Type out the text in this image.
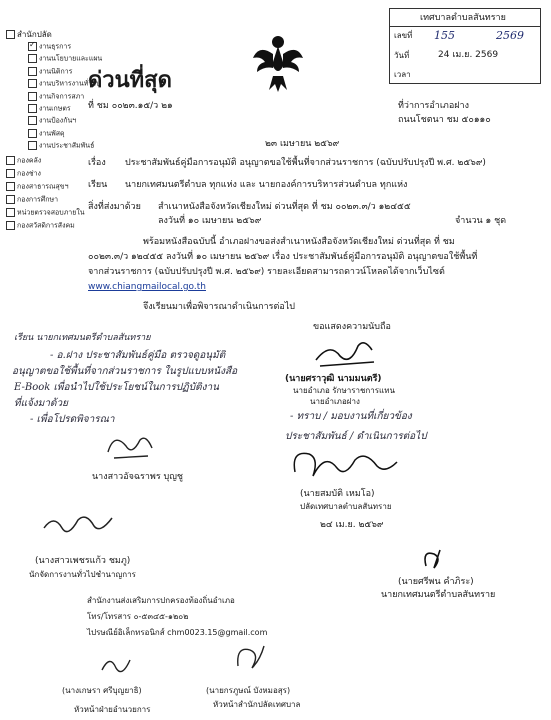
เทศบาลตำบลสันทราย
เลขที่ 155	2569
วันที่	24 เม.ย. 2569
เวลา
สำนักปลัด
✓งานธุรการ
งานนโยบายและแผน
งานนิติการ
งานบริหารงานทั่วไป
งานกิจการสภา
งานเกษตร
งานป้องกันฯ
งานพัสดุ
งานประชาสัมพันธ์
กองคลัง
กองช่าง
กองสาธารณสุขฯ
กองการศึกษา
หน่วยตรวจสอบภายใน
กองสวัสดิการสังคม
ด่วนที่สุด
ที่ ชม ๐๐๒๓.๑๕/ว ๒๑	ที่ว่าการอำเภอฝาง
ถนนโชตนา ชม ๕๐๑๑๐
๒๓ เมษายน ๒๕๖๙
เรื่อง ประชาสัมพันธ์คู่มือการอนุมัติ อนุญาตขอใช้พื้นที่จากส่วนราชการ (ฉบับปรับปรุงปี พ.ศ. ๒๕๖๙)
เรียน นายกเทศมนตรีตำบล ทุกแห่ง และ นายกองค์การบริหารส่วนตำบล ทุกแห่ง
สิ่งที่ส่งมาด้วย สำเนาหนังสือจังหวัดเชียงใหม่ ด่วนที่สุด ที่ ชม ๐๐๒๓.๓/ว ๑๒๔๕๕
ลงวันที่ ๑๐ เมษายน ๒๕๖๙	จำนวน ๑ ชุด
พร้อมหนังสือฉบับนี้ อำเภอฝางขอส่งสำเนาหนังสือจังหวัดเชียงใหม่ ด่วนที่สุด ที่ ชม
๐๐๒๓.๓/ว ๑๒๔๕๕ ลงวันที่ ๑๐ เมษายน ๒๕๖๙ เรื่อง ประชาสัมพันธ์คู่มือการอนุมัติ อนุญาตขอใช้พื้นที่
จากส่วนราชการ (ฉบับปรับปรุงปี พ.ศ. ๒๕๖๙) รายละเอียดสามารถดาวน์โหลดได้จากเว็บไซต์
www.chiangmailocal.go.th
จึงเรียนมาเพื่อพิจารณาดำเนินการต่อไป
ขอแสดงความนับถือ
เรียน นายกเทศมนตรีตำบลสันทราย
- อ.ฝาง ประชาสัมพันธ์คู่มือ ตรวจดูอนุมัติ
อนุญาตขอใช้พื้นที่จากส่วนราชการ ในรูปแบบหนังสือ
E-Book เพื่อนำไปใช้ประโยชน์ในการปฏิบัติงาน
ที่แจ้งมาด้วย
- เพื่อโปรดพิจารณา
นางสาวอัจฉราพร บุญชู
(นายศราวุฒิ นามมนตรี)
นายอำเภอ รักษาราชการแทน
นายอำเภอฝาง
- ทราบ / มอบงานที่เกี่ยวข้อง
ประชาสัมพันธ์ / ดำเนินการต่อไป
(นายสมบัติ เหมโอ)
ปลัดเทศบาลตำบลสันทราย
๒๔ เม.ย. ๒๕๖๙
(นางสาวเพชรแก้ว ชมภู)
นักจัดการงานทั่วไปชำนาญการ
(นายศรีพน คำภิระ)
นายกเทศมนตรีตำบลสันทราย
สำนักงานส่งเสริมการปกครองท้องถิ่นอำเภอ
โทร/โทรสาร ๐-๕๓๔๕-๑๒๐๒
ไปรษณีย์อิเล็กทรอนิกส์ chm0023.15@gmail.com
(นางเกษรา ศรีบุญยาธิ)
หัวหน้าฝ่ายอำนวยการ
(นายกรภูษณ์ บังหมอสุร)
หัวหน้าสำนักปลัดเทศบาล
